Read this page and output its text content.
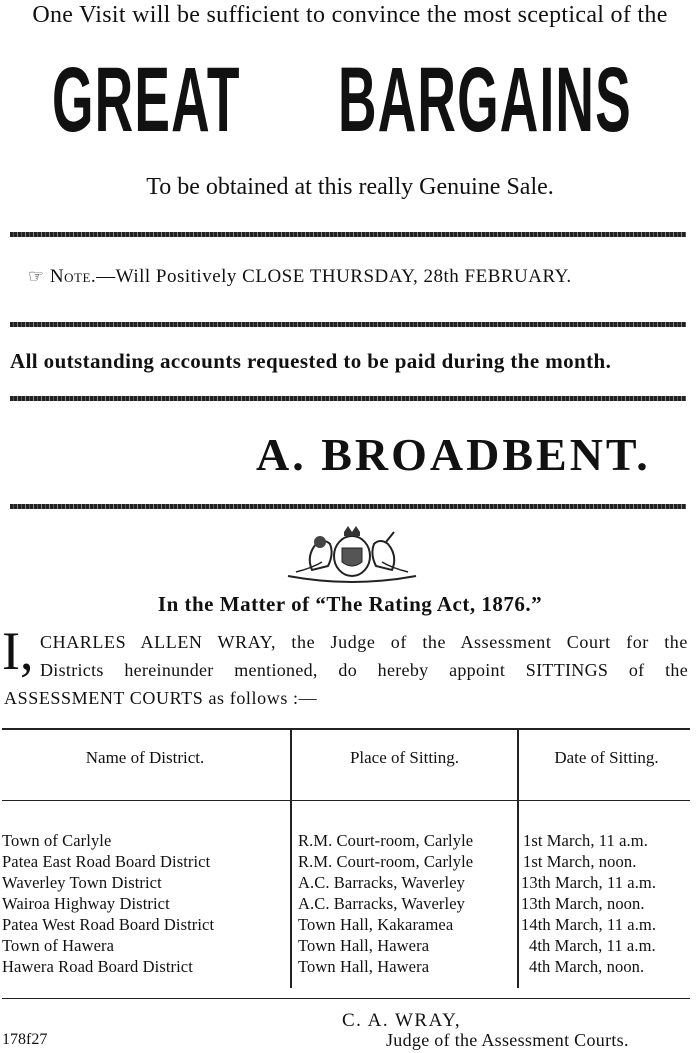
One Visit will be sufficient to convince the most sceptical of the
GREAT BARGAINS
To be obtained at this really Genuine Sale.
☞ Note.—Will Positively CLOSE THURSDAY, 28th FEBRUARY.
All outstanding accounts requested to be paid during the month.
A. BROADBENT.
In the Matter of “The Rating Act, 1876.”
I, CHARLES ALLEN WRAY, the Judge of the Assessment Court for the
Districts hereinunder mentioned, do hereby appoint SITTINGS of the
ASSESSMENT COURTS as follows :—
Name of District.	Place of Sitting.	Date of Sitting.
Town of Carlyle	R.M. Court-room, Carlyle	1st March, 11 a.m.
Patea East Road Board District	R.M. Court-room, Carlyle	1st March, noon.
Waverley Town District	A.C. Barracks, Waverley	13th March, 11 a.m.
Wairoa Highway District	A.C. Barracks, Waverley	13th March, noon.
Patea West Road Board District	Town Hall, Kakaramea	14th March, 11 a.m.
Town of Hawera	Town Hall, Hawera	4th March, 11 a.m.
Hawera Road Board District	Town Hall, Hawera	4th March, noon.
C. A. WRAY,
178f27	Judge of the Assessment Courts.
